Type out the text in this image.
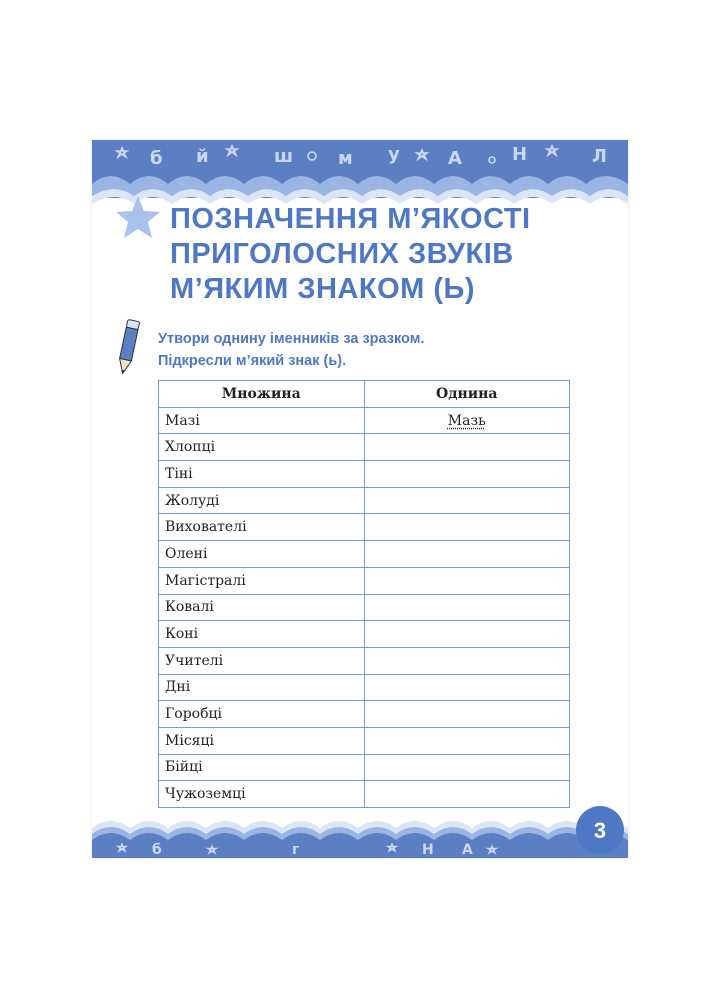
б й	ш м у	А	Н	Л
ПОЗНАЧЕННЯ М’ЯКОСТІ
ПРИГОЛОСНИХ ЗВУКІВ
М’ЯКИМ ЗНАКОМ (Ь)
Утвори однину іменників за зразком.
Підкресли м’який знак (ь).
Множина	Однина
Мазі	Мазь
Хлопці	
Тіні	
Жолуді	
Вихователі	
Олені	
Магістралі	
Ковалі	
Коні	
Учителі	
Дні	
Горобці	
Місяці	
Бійці	
Чужоземці	
б	г	Н А
3
